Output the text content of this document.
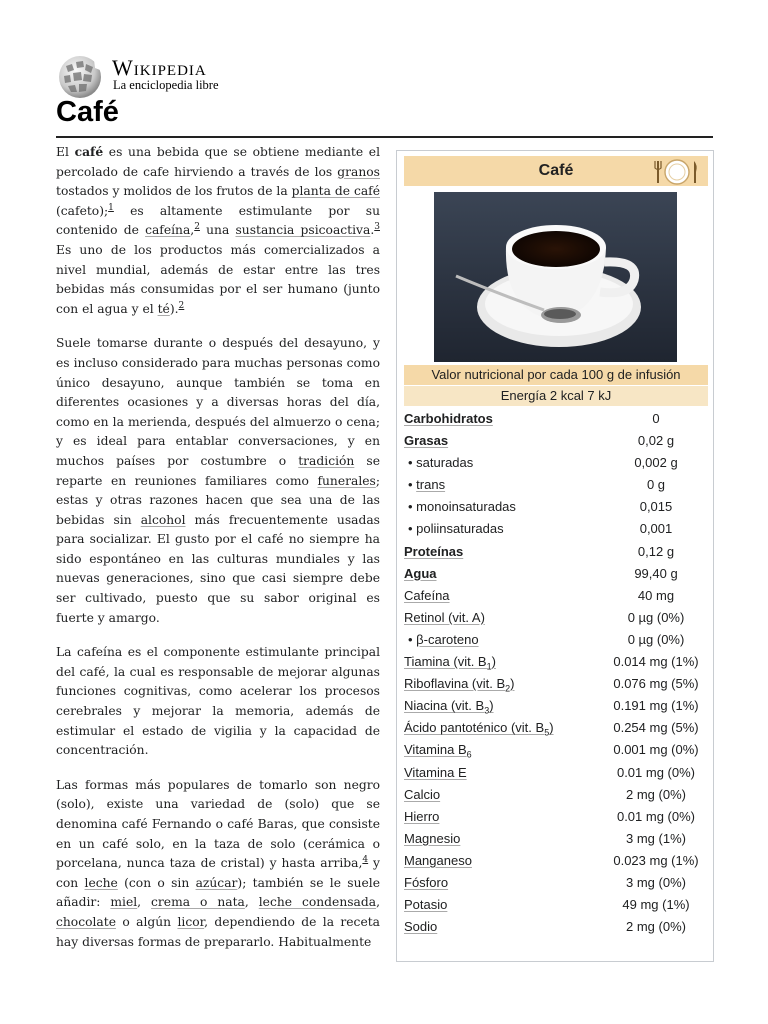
Wikipedia
La enciclopedia libre
Café

El café es una bebida que se obtiene mediante el percolado de cafe hirviendo a través de los granos tostados y molidos de los frutos de la planta de café (cafeto);$^1$ es altamente estimulante por su contenido de cafeína,$^2$ una sustancia psicoactiva.$^3$ Es uno de los productos más comercializados a nivel mundial, además de estar entre las tres bebidas más consumidas por el ser humano (junto con el agua y el té).$^2$

Suele tomarse durante o después del desayuno, y es incluso considerado para muchas personas como único desayuno, aunque también se toma en diferentes ocasiones y a diversas horas del día, como en la merienda, después del almuerzo o cena; y es ideal para entablar conversaciones, y en muchos países por costumbre o tradición se reparte en reuniones familiares como funerales; estas y otras razones hacen que sea una de las bebidas sin alcohol más frecuentemente usadas para socializar. El gusto por el café no siempre ha sido espontáneo en las culturas mundiales y las nuevas generaciones, sino que casi siempre debe ser cultivado, puesto que su sabor original es fuerte y amargo.

La cafeína es el componente estimulante principal del café, la cual es responsable de mejorar algunas funciones cognitivas, como acelerar los procesos cerebrales y mejorar la memoria, además de estimular el estado de vigilia y la capacidad de concentración.

Las formas más populares de tomarlo son negro (solo), existe una variedad de (solo) que se denomina café Fernando o café Baras, que consiste en un café solo, en la taza de solo (cerámica o porcelana, nunca taza de cristal) y hasta arriba,$^4$ y con leche (con o sin azúcar); también se le suele añadir: miel, crema o nata, leche condensada, chocolate o algún licor, dependiendo de la receta hay diversas formas de prepararlo. Habitualmente

Café
Valor nutricional por cada 100 g de infusión
Energía 2 kcal 7 kJ
Carbohidratos	0
Grasas	0,02 g
• saturadas	0,002 g
• trans	0 g
• monoinsaturadas	0,015
• poliinsaturadas	0,001
Proteínas	0,12 g
Agua	99,40 g
Cafeína	40 mg
Retinol (vit. A)	0 µg (0%)
• β-caroteno	0 µg (0%)
Tiamina (vit. $B_1$)	0.014 mg (1%)
Riboflavina (vit. $B_2$)	0.076 mg (5%)
Niacina (vit. $B_3$)	0.191 mg (1%)
Ácido pantoténico (vit. $B_5$)	0.254 mg (5%)
Vitamina $B_6$	0.001 mg (0%)
Vitamina E	0.01 mg (0%)
Calcio	2 mg (0%)
Hierro	0.01 mg (0%)
Magnesio	3 mg (1%)
Manganeso	0.023 mg (1%)
Fósforo	3 mg (0%)
Potasio	49 mg (1%)
Sodio	2 mg (0%)
